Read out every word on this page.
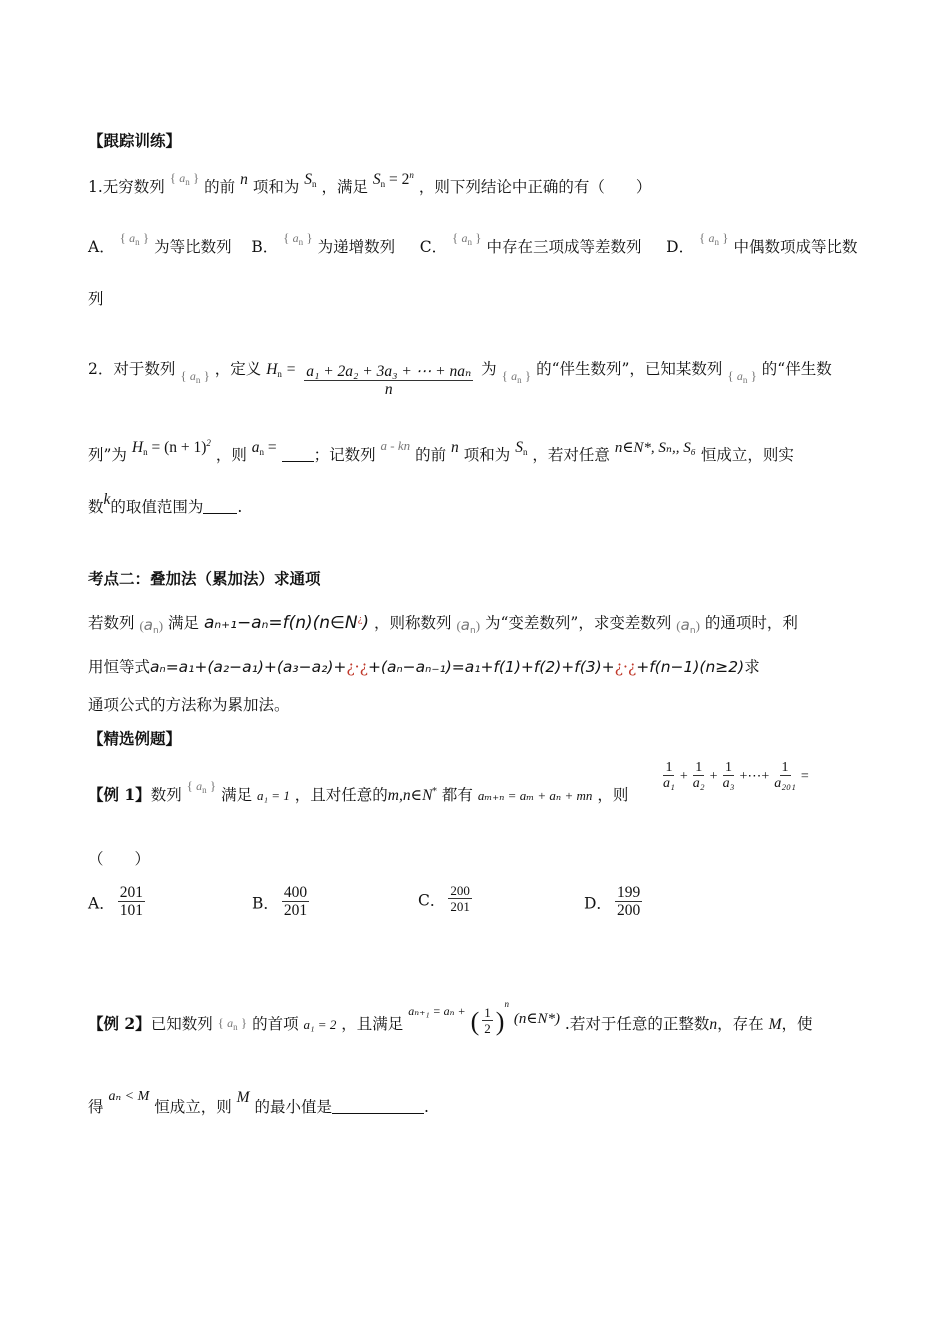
【跟踪训练】
1.无穷数列 { $a_n$ } 的前 n 项和为 Sn ，满足 $Sn = 2^n$ ，则下列结论中正确的有（　　）
A． { $a_n$ } 为等比数列 B． { $a_n$ } 为递增数列 C． { $a_n$ } 中存在三项成等差数列 D． { $a_n$ } 中偶数项成等比数
列
2．对于数列 { $a_n$ } ，定义 $Hn = \frac{\text{a₁ + 2a₂ + 3a₃ + ⋯ + naₙ}}{n}$ 为 { $a_n$ } 的“伴生数列”，已知某数列 { $a_n$ } 的“伴生数
列”为 $Hn = (n + 1)^2$ ，则 an = ；记数列 a - kn 的前 n 项和为 Sn ，若对任意 n∈N*, Sₙ,, S₆ 恒成立，则实
数k的取值范围为 .
考点二：叠加法（累加法）求通项
若数列 $(a_n)$ 满足 aₙ₊₁−aₙ=f(n)(n∈N¿) ，则称数列 $(a_n)$ 为“变差数列”，求变差数列 $(a_n)$ 的通项时，利
用恒等式aₙ=a₁+(a₂−a₁)+(a₃−a₂)+¿·¿+(aₙ−aₙ₋₁)=a₁+f(1)+f(2)+f(3)+¿·¿+f(n−1)(n≥2)求
通项公式的方法称为累加法。
【精选例题】
【例 1】数列 { $a_n$ } 满足 a₁ = 1 ，且对任意的m,n∈N* 都有 aₘ₊ₙ = aₘ + aₙ + mn ，则
$\frac{1}{\text{a₁}} + \frac{1}{\text{a₂}} + \frac{1}{\text{a₃}}$ +⋯+ $\frac{1}{\text{a₂₀₁}}$ =
（　　）
A． $\frac{201}{101}$	B． $\frac{400}{201}$	C． $\frac{200}{201}$	D． $\frac{199}{200}$
【例 2】已知数列 { $a_n$ } 的首项 a₁ = 2 ，且满足 $^{a_{n+1} = a_n +}$ ( $\frac{1}{2} )^n$ (n∈N*) .若对于任意的正整数n，存在 M，使
得 aₙ < M 恒成立，则 M 的最小值是	.
